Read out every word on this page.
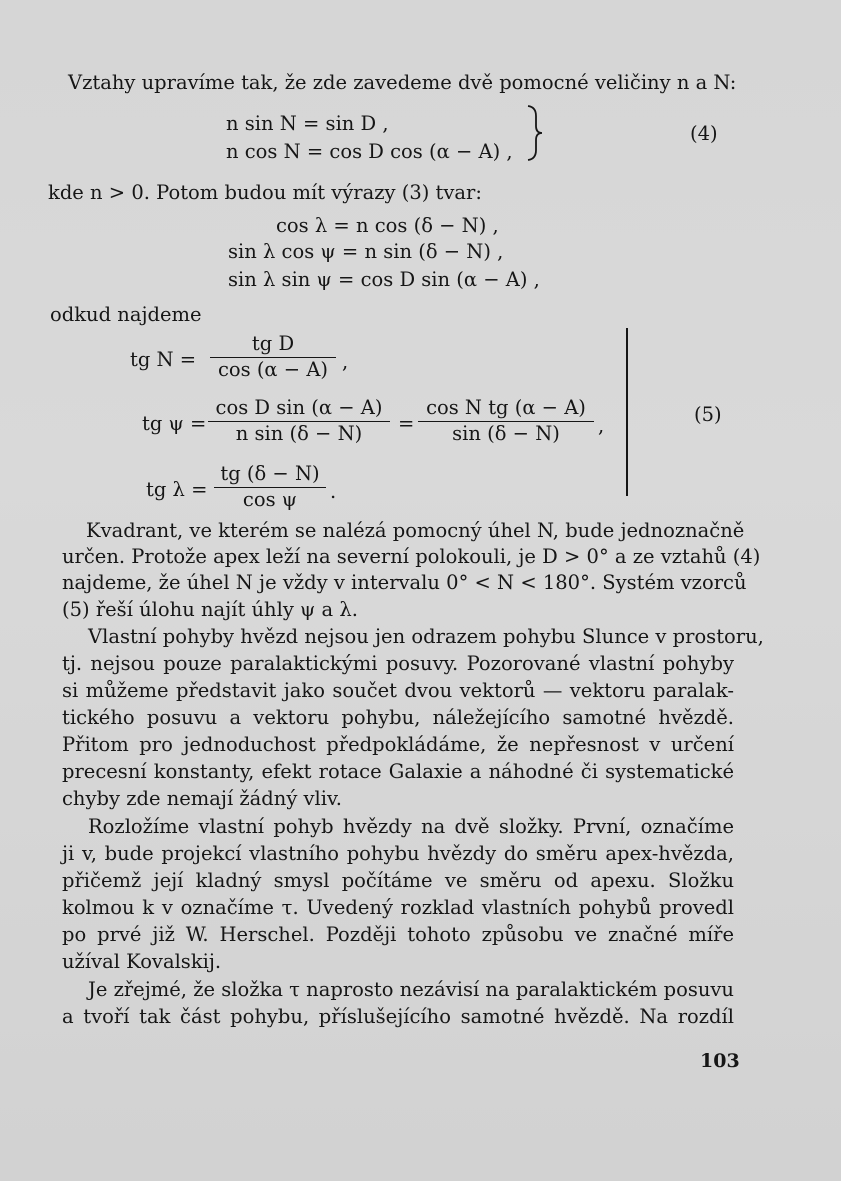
Vztahy upravíme tak, že zde zavedeme dvě pomocné veličiny n a N:
n sin N = sin D ,
n cos N = cos D cos (α − A) ,
(4)
kde n > 0. Potom budou mít výrazy (3) tvar:
cos λ = n cos (δ − N) ,
sin λ cos ψ = n sin (δ − N) ,
sin λ sin ψ = cos D sin (α − A) ,
odkud najdeme
tg N =
tg D
cos (α − A) ,
tg ψ =
cos D sin (α − A)
n sin (δ − N)	=
cos N tg (α − A)
sin (δ − N)	,
tg λ =
tg (δ − N)
cos ψ	.
(5)
Kvadrant, ve kterém se nalézá pomocný úhel N, bude jednoznačně
určen. Protože apex leží na severní polokouli, je D > 0° a ze vztahů (4)
najdeme, že úhel N je vždy v intervalu 0° < N < 180°. Systém vzorců
(5) řeší úlohu najít úhly ψ a λ.
Vlastní pohyby hvězd nejsou jen odrazem pohybu Slunce v prostoru,
tj. nejsou pouze paralaktickými posuvy. Pozorované vlastní pohyby
si můžeme představit jako součet dvou vektorů — vektoru paralak-
tického posuvu a vektoru pohybu, náležejícího samotné hvězdě.
Přitom pro jednoduchost předpokládáme, že nepřesnost v určení
precesní konstanty, efekt rotace Galaxie a náhodné či systematické
chyby zde nemají žádný vliv.
Rozložíme vlastní pohyb hvězdy na dvě složky. První, označíme
ji v, bude projekcí vlastního pohybu hvězdy do směru apex-hvězda,
přičemž její kladný smysl počítáme ve směru od apexu. Složku
kolmou k v označíme τ. Uvedený rozklad vlastních pohybů provedl
po prvé již W. Herschel. Později tohoto způsobu ve značné míře
užíval Kovalskij.
Je zřejmé, že složka τ naprosto nezávisí na paralaktickém posuvu
a tvoří tak část pohybu, příslušejícího samotné hvězdě. Na rozdíl
103
